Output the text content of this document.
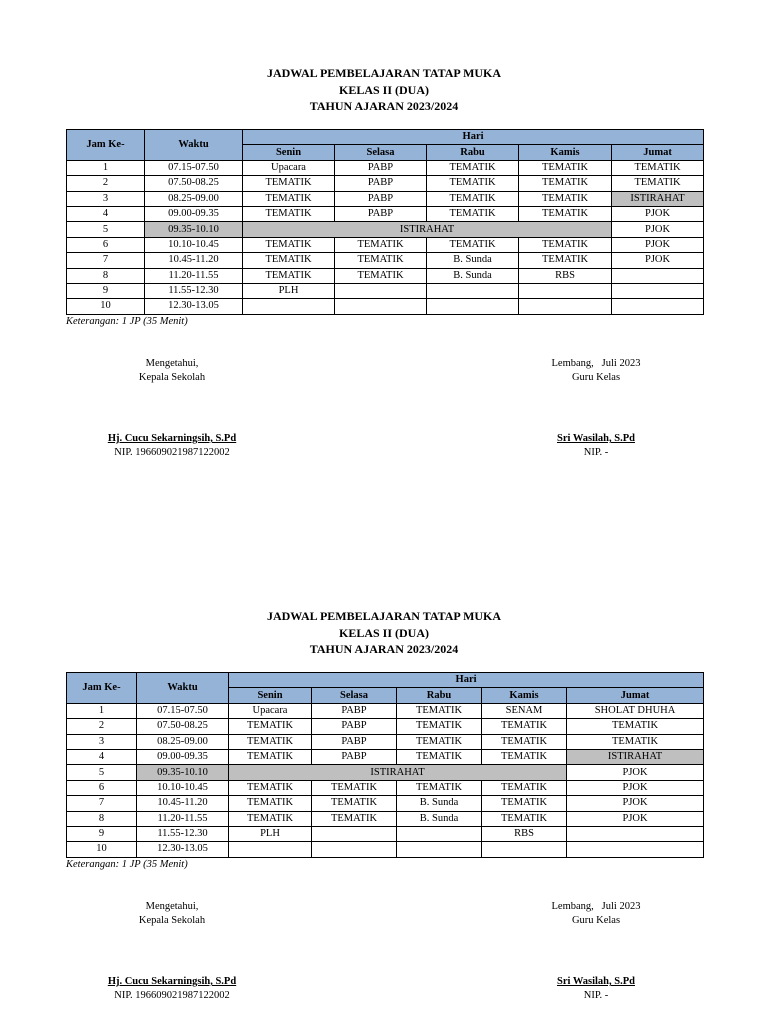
JADWAL PEMBELAJARAN TATAP MUKA
KELAS II (DUA)
TAHUN AJARAN 2023/2024
Jam Ke-	Waktu	Hari				
		Senin	Selasa	Rabu	Kamis	Jumat
1	07.15-07.50	Upacara	PABP	TEMATIK	TEMATIK	TEMATIK
2	07.50-08.25	TEMATIK	PABP	TEMATIK	TEMATIK	TEMATIK
3	08.25-09.00	TEMATIK	PABP	TEMATIK	TEMATIK	ISTIRAHAT
4	09.00-09.35	TEMATIK	PABP	TEMATIK	TEMATIK	PJOK
5	09.35-10.10	ISTIRAHAT				PJOK
6	10.10-10.45	TEMATIK	TEMATIK	TEMATIK	TEMATIK	PJOK
7	10.45-11.20	TEMATIK	TEMATIK	B. Sunda	TEMATIK	PJOK
8	11.20-11.55	TEMATIK	TEMATIK	B. Sunda	RBS	
9	11.55-12.30	PLH				
10	12.30-13.05					
Keterangan: 1 JP (35 Menit)
Mengetahui,
Kepala Sekolah
Hj. Cucu Sekarningsih, S.Pd
NIP. 196609021987122002
Lembang,   Juli 2023
Guru Kelas
Sri Wasilah, S.Pd
NIP. -
JADWAL PEMBELAJARAN TATAP MUKA
KELAS II (DUA)
TAHUN AJARAN 2023/2024
Jam Ke-	Waktu	Hari				
		Senin	Selasa	Rabu	Kamis	Jumat
1	07.15-07.50	Upacara	PABP	TEMATIK	SENAM	SHOLAT DHUHA
2	07.50-08.25	TEMATIK	PABP	TEMATIK	TEMATIK	TEMATIK
3	08.25-09.00	TEMATIK	PABP	TEMATIK	TEMATIK	TEMATIK
4	09.00-09.35	TEMATIK	PABP	TEMATIK	TEMATIK	ISTIRAHAT
5	09.35-10.10	ISTIRAHAT				PJOK
6	10.10-10.45	TEMATIK	TEMATIK	TEMATIK	TEMATIK	PJOK
7	10.45-11.20	TEMATIK	TEMATIK	B. Sunda	TEMATIK	PJOK
8	11.20-11.55	TEMATIK	TEMATIK	B. Sunda	TEMATIK	PJOK
9	11.55-12.30	PLH			RBS	
10	12.30-13.05					
Keterangan: 1 JP (35 Menit)
Mengetahui,
Kepala Sekolah
Hj. Cucu Sekarningsih, S.Pd
NIP. 196609021987122002
Lembang,   Juli 2023
Guru Kelas
Sri Wasilah, S.Pd
NIP. -
